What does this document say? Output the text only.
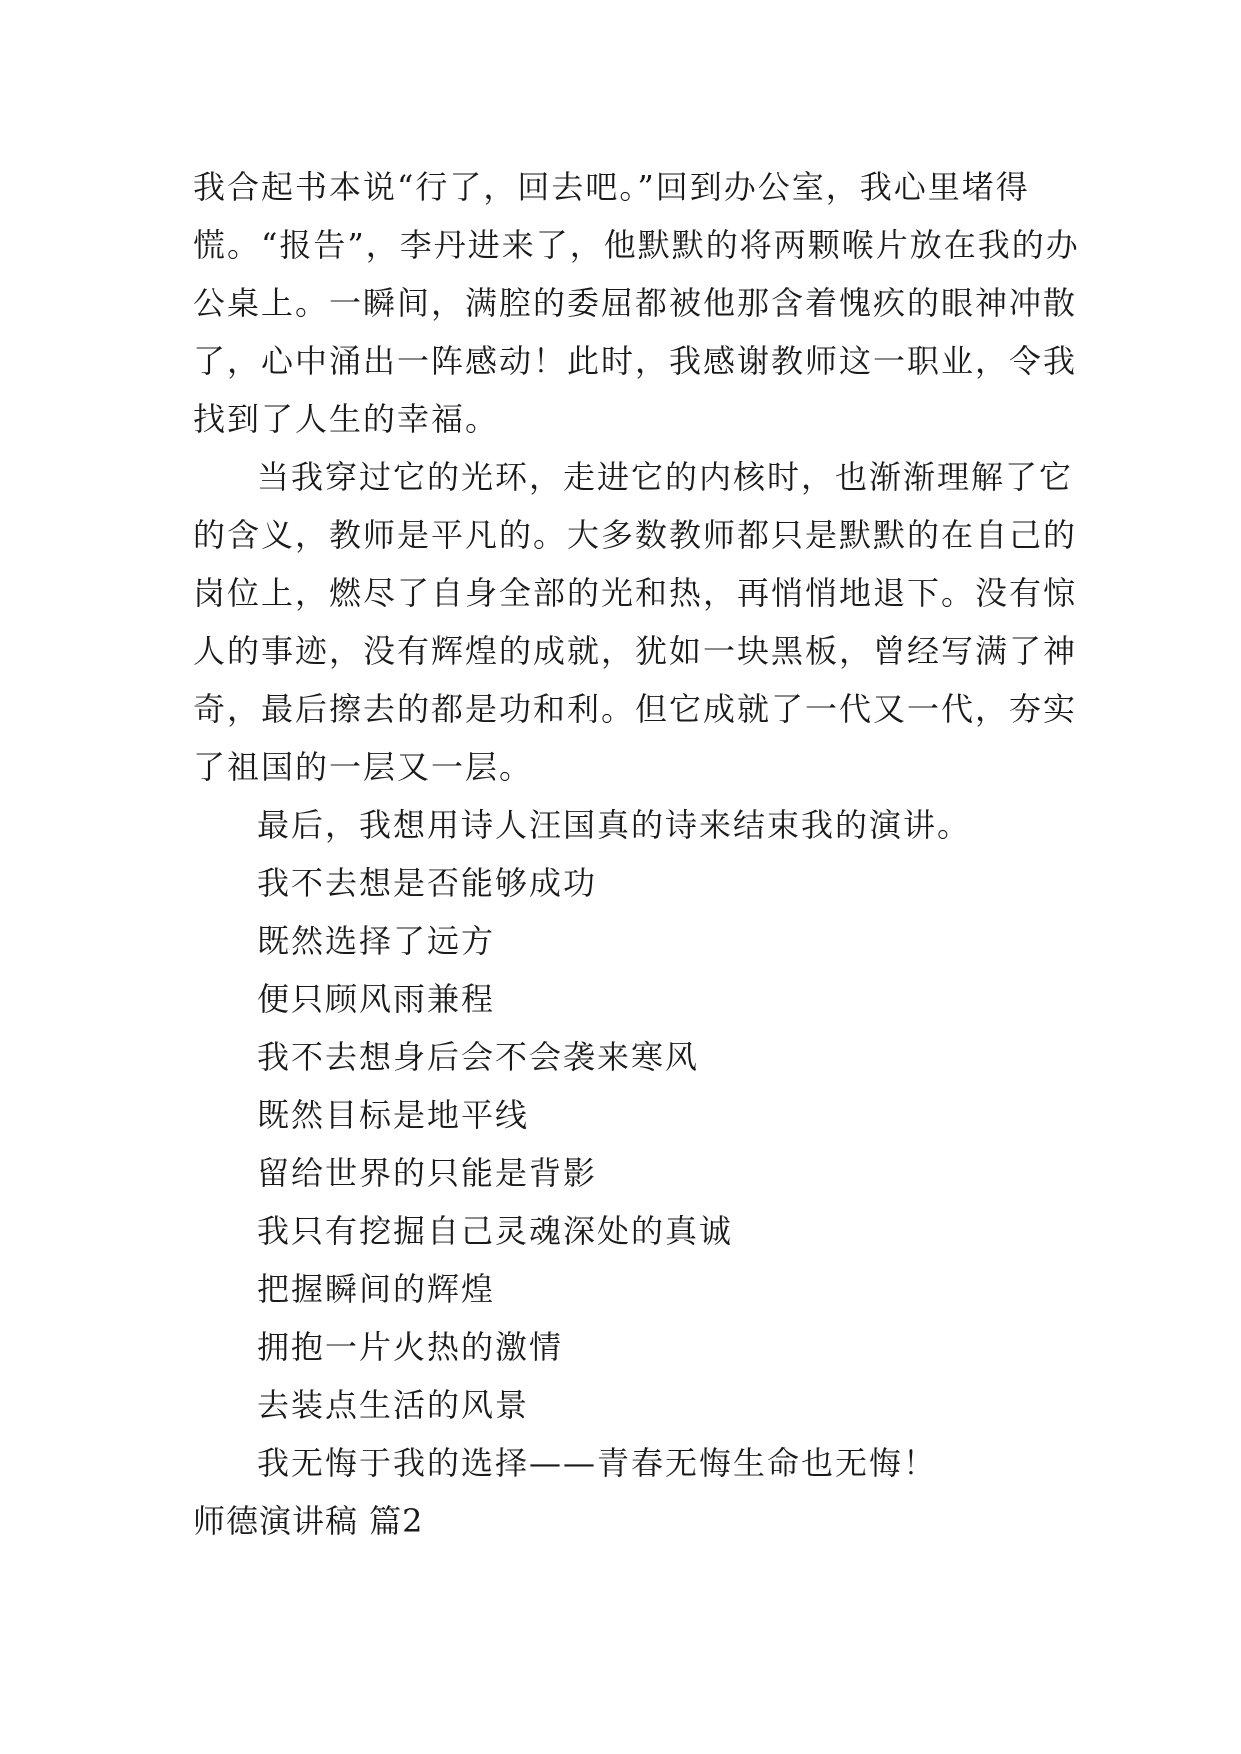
我合起书本说“行了，回去吧。”回到办公室，我心里堵得
慌。“报告”，李丹进来了，他默默的将两颗喉片放在我的办
公桌上。一瞬间，满腔的委屈都被他那含着愧疚的眼神冲散
了，心中涌出一阵感动！此时，我感谢教师这一职业，令我
找到了人生的幸福。
当我穿过它的光环，走进它的内核时，也渐渐理解了它
的含义，教师是平凡的。大多数教师都只是默默的在自己的
岗位上，燃尽了自身全部的光和热，再悄悄地退下。没有惊
人的事迹，没有辉煌的成就，犹如一块黑板，曾经写满了神
奇，最后擦去的都是功和利。但它成就了一代又一代，夯实
了祖国的一层又一层。
最后，我想用诗人汪国真的诗来结束我的演讲。
我不去想是否能够成功
既然选择了远方
便只顾风雨兼程
我不去想身后会不会袭来寒风
既然目标是地平线
留给世界的只能是背影
我只有挖掘自己灵魂深处的真诚
把握瞬间的辉煌
拥抱一片火热的激情
去装点生活的风景
我无悔于我的选择——青春无悔生命也无悔！
师德演讲稿 篇2
